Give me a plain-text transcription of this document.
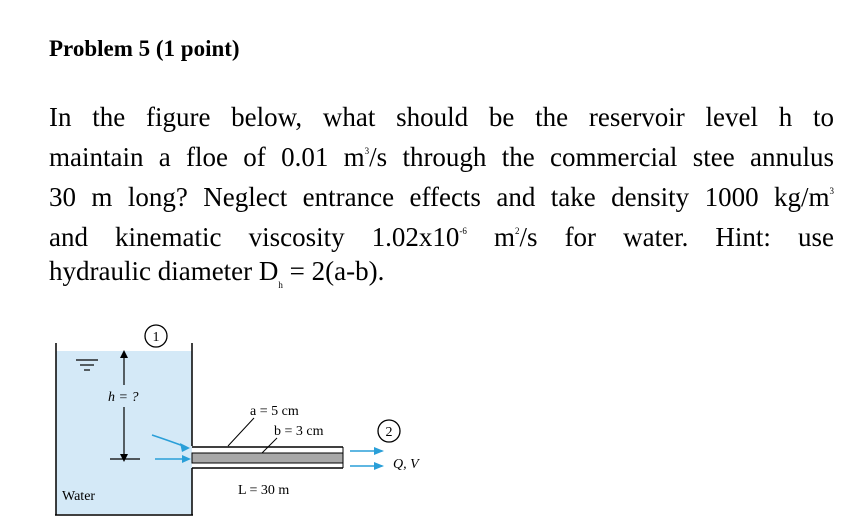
Problem 5 (1 point)
In the figure below, what should be the reservoir level h to
maintain a floe of 0.01 $m^3/s$ through the commercial stee annulus
30 m long? Neglect entrance effects and take density 1000 $kg/m^3$
and kinematic viscosity $1.02x10^{-6}$ $m^2/s$ for water. Hint: use
hydraulic diameter $D_h = 2(a-b)$.
h = ?
1
2
Q, V
a = 5 cm
b = 3 cm
L = 30 m
Water
